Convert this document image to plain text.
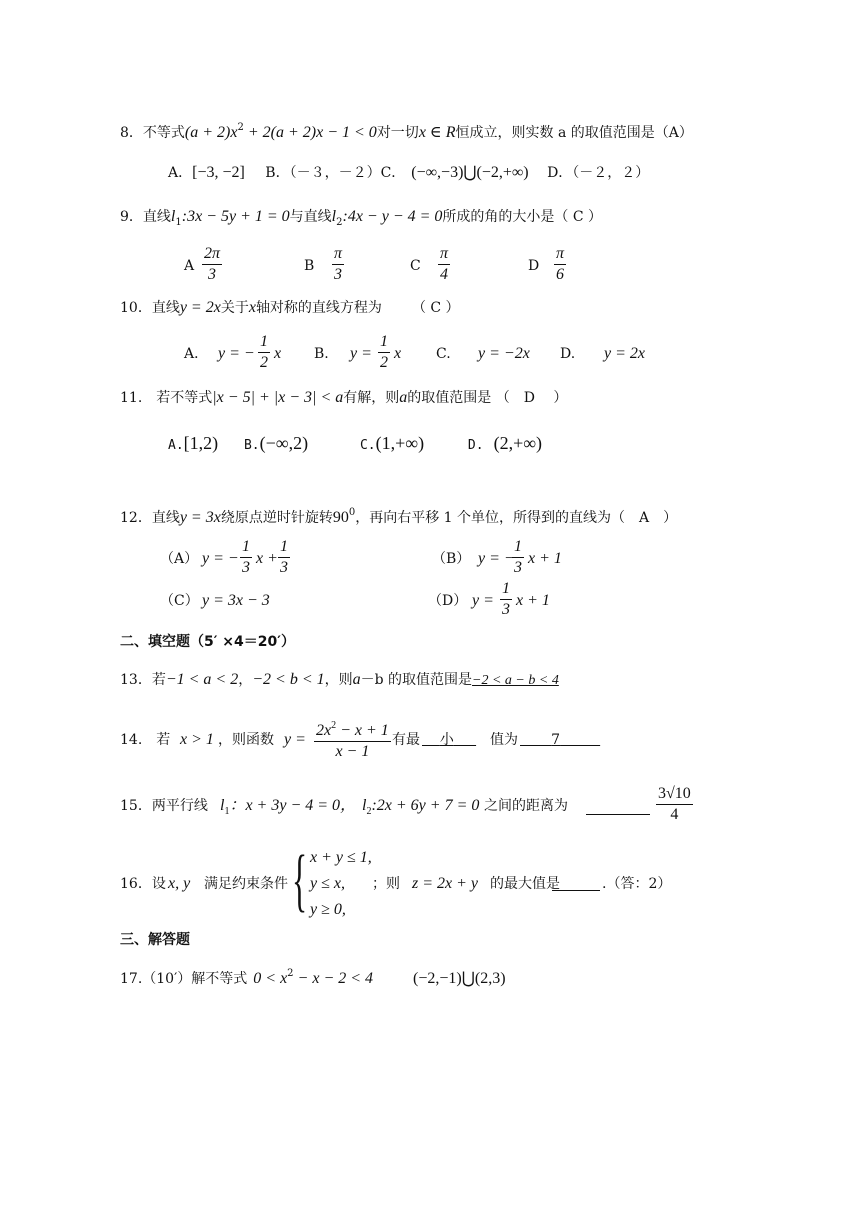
8．不等式$(a + 2)x^2 + 2(a + 2)x - 1 < 0$对一切x ∈ R恒成立，则实数 a 的取值范围是（A）
A．[−3, −2] B．（－３，－２）C． (−∞,−3)⋃(−2,+∞) D．（－２，２）
9．直线$l_1:3x - 5y + 1 = 0$与直线$l_2:4x - y - 4 = 0$所成的角的大小是（ C ）
A $\frac{2\pi}{3}$	B $\frac{\pi}{3}$	C $\frac{\pi}{4}$	D $\frac{\pi}{6}$
10．直线y = 2x关于x轴对称的直线方程为 （ C ）
A． y = − $\frac{1}{2}$ x B. $y = \frac{1}{2}$ x C. y = −2x D. y = 2x
11.　若不等式|x − 5| + |x − 3| < a有解，则a的取值范围是 （　D　 ）
A.[1,2) B.(−∞,2)	C.(1,+∞)	D. (2,+∞)
12．直线y = 3x绕原点逆时针旋转$90^0$，再向右平移 1 个单位，所得到的直线为（　A　）
（A） y = − $\frac{1}{3}$ $x + \frac{1}{3}$	（B） y = −
$\frac{1}{3}$ x + 1
（C） y = 3x − 3	（D） $y = \frac{1}{3}$ x + 1
二、填空题（5′ ×4＝20′）
13．若−1 < a < 2，−2 < b < 1，则a－b 的取值范围是−2 < a − b < 4
14.　若 x > 1 ，则函数 $y = \frac{2x^2 - x + 1}{x - 1}$ 有最	小	值为	7
15．两平行线 $l_1$：x + 3y − 4 = 0， $l_2:2x + 6y + 7 = 0$ 之间的距离为	$\frac{3√10}{4}$
16．设 x, y 满足约束条件 { x + y ≤ 1,
y ≤ x,
y ≥ 0,
；则 z = 2x + y 的最大值是	.（答：2）
三、解答题
17.（10′）解不等式 $0 < x^2 - x - 2 < 4$	(−2,−1)⋃(2,3)
